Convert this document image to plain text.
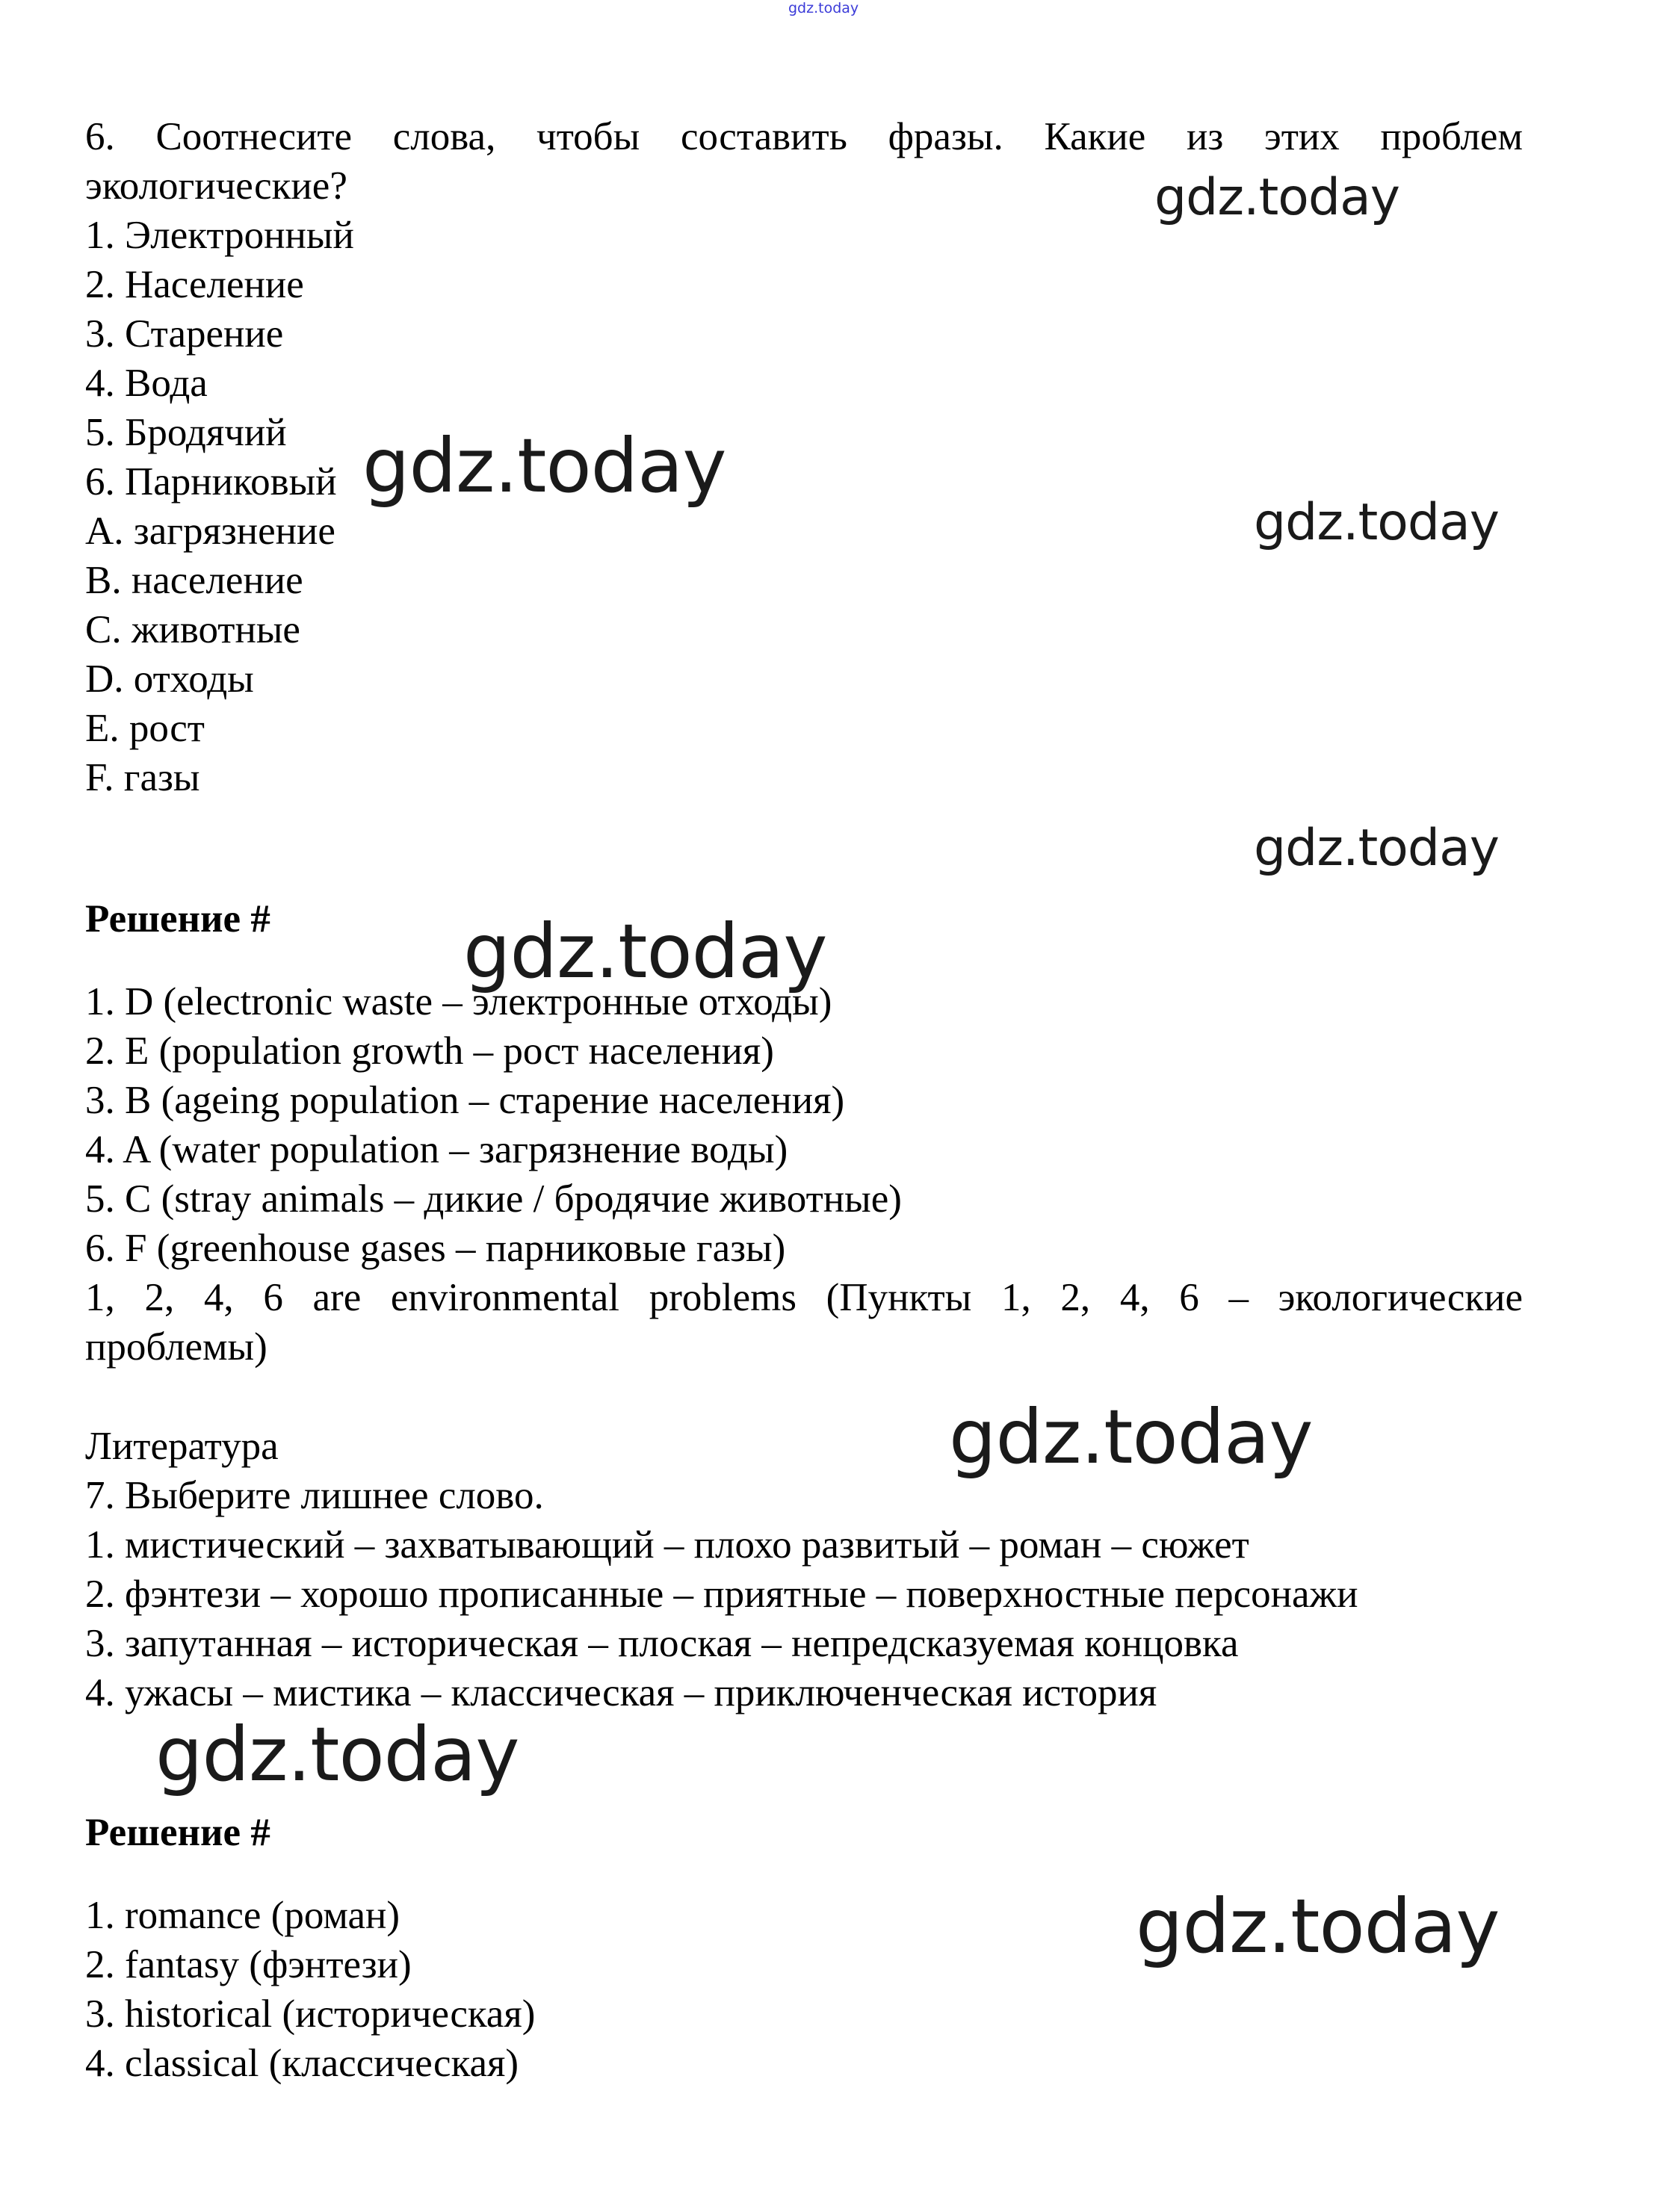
gdz.today
6. Соотнесите слова, чтобы составить фразы. Какие из этих проблем
экологические?
1. Электронный
2. Население
3. Старение
4. Вода
5. Бродячий
6. Парниковый
A. загрязнение
B. население
C. животные
D. отходы
E. рост
F. газы
Решение #
1. D (electronic waste – электронные отходы)
2. E (population growth – рост населения)
3. B (ageing population – старение населения)
4. A (water population – загрязнение воды)
5. C (stray animals – дикие / бродячие животные)
6. F (greenhouse gases – парниковые газы)
1, 2, 4, 6 are environmental problems (Пункты 1, 2, 4, 6 – экологические
проблемы)
Литература
7. Выберите лишнее слово.
1. мистический – захватывающий – плохо развитый – роман – сюжет
2. фэнтези – хорошо прописанные – приятные – поверхностные персонажи
3. запутанная – историческая – плоская – непредсказуемая концовка
4. ужасы – мистика – классическая – приключенческая история
Решение #
1. romance (роман)
2. fantasy (фэнтези)
3. historical (историческая)
4. classical (классическая)
gdz.today
gdz.today
gdz.today
gdz.today
gdz.today
gdz.today
gdz.today
gdz.today
